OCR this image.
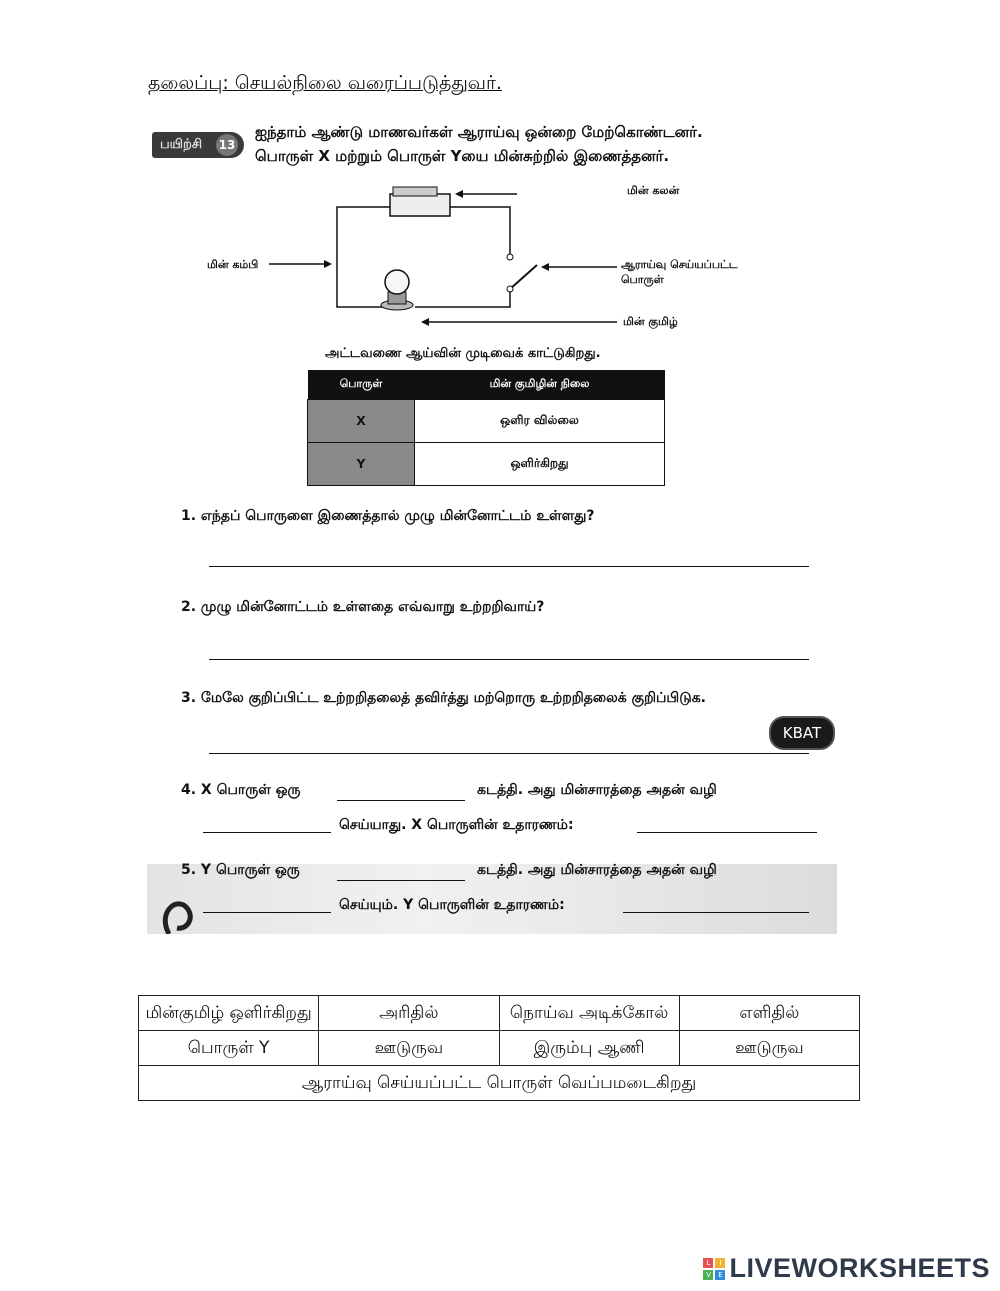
தலைப்பு: செயல்நிலை வரைப்படுத்துவர்.
பயிற்சி 13
ஐந்தாம் ஆண்டு மாணவர்கள் ஆராய்வு ஒன்றை மேற்கொண்டனர்.
பொருள் X மற்றும் பொருள் Yயை மின்சுற்றில் இணைத்தனர்.
மின் கலன்
மின் கம்பி	ஆராய்வு செய்யப்பட்ட
பொருள்
மின் குமிழ்
அட்டவணை ஆய்வின் முடிவைக் காட்டுகிறது.
பொருள்	மின் குமிழின் நிலை
X	ஒளிர வில்லை
Y	ஒளிர்கிறது
1. எந்தப் பொருளை இணைத்தால் முழு மின்னோட்டம் உள்ளது?
2. முழு மின்னோட்டம் உள்ளதை எவ்வாறு உற்றறிவாய்?
3. மேலே குறிப்பிட்ட உற்றறிதலைத் தவிர்த்து மற்றொரு உற்றறிதலைக் குறிப்பிடுக.
KBAT
4. X பொருள் ஒரு	கடத்தி. அது மின்சாரத்தை அதன் வழி
செய்யாது. X பொருளின் உதாரணம்:
5. Y பொருள் ஒரு	கடத்தி. அது மின்சாரத்தை அதன் வழி
செய்யும். Y பொருளின் உதாரணம்:
மின்குமிழ் ஒளிர்கிறது	அரிதில்	நொய்வ அடிக்கோல்	எளிதில்
பொருள் Y	ஊடுருவ	இரும்பு ஆணி	ஊடுருவ
ஆராய்வு செய்யப்பட்ட பொருள் வெப்பமடைகிறது			
L	I
V	E LIVEWORKSHEETS
